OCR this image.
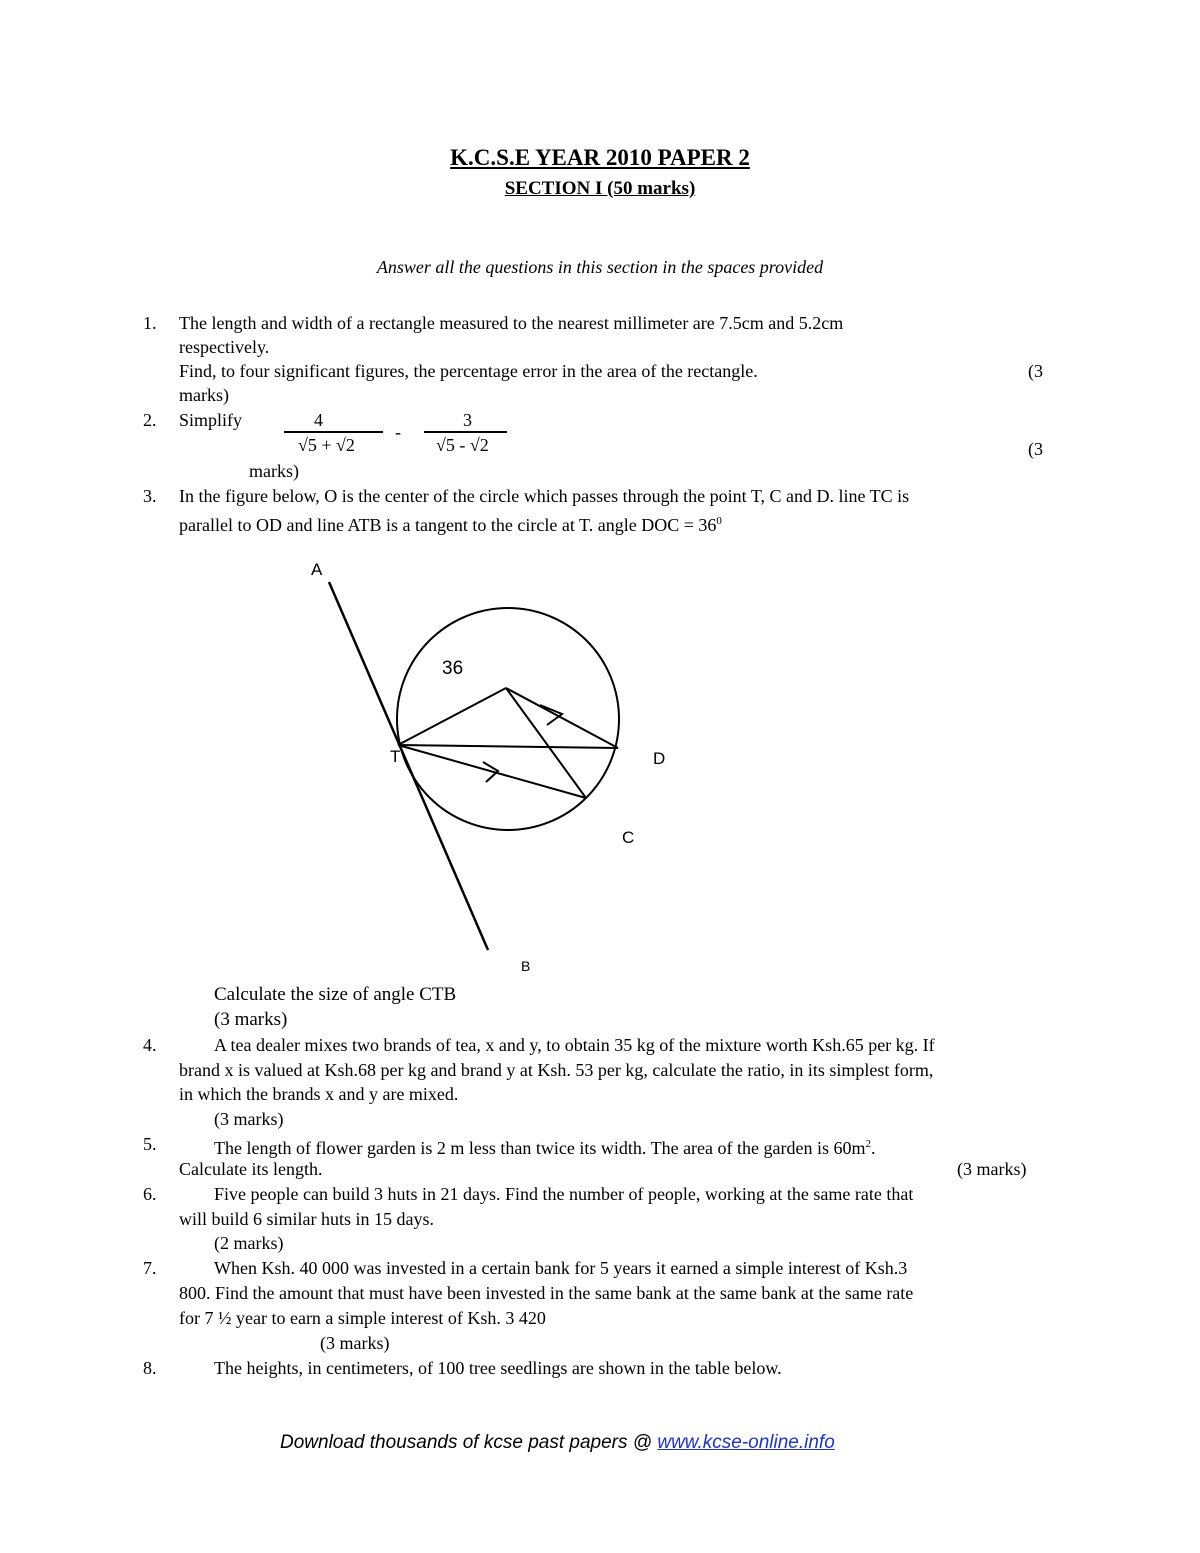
K.C.S.E YEAR 2010 PAPER 2
SECTION I (50 marks)
Answer all the questions in this section in the spaces provided
1. The length and width of a rectangle measured to the nearest millimeter are 7.5cm and 5.2cm
respectively.
Find, to four significant figures, the percentage error in the area of the rectangle.	(3
marks)
2. Simplify	4
√5 + √2
-
3
√5 - √2	(3
marks)
3. In the figure below, O is the center of the circle which passes through the point T, C and D. line TC is
parallel to OD and line ATB is a tangent to the circle at T. angle DOC = $36^0$
A
T	D
C
B
36
Calculate the size of angle CTB
(3 marks)
4.	A tea dealer mixes two brands of tea, x and y, to obtain 35 kg of the mixture worth Ksh.65 per kg. If
brand x is valued at Ksh.68 per kg and brand y at Ksh. 53 per kg, calculate the ratio, in its simplest form,
in which the brands x and y are mixed.
(3 marks)
5.	The length of flower garden is 2 m less than twice its width. The area of the garden is $60m^2$.
Calculate its length.	(3 marks)
6.	Five people can build 3 huts in 21 days. Find the number of people, working at the same rate that
will build 6 similar huts in 15 days.
(2 marks)
7.	When Ksh. 40 000 was invested in a certain bank for 5 years it earned a simple interest of Ksh.3
800. Find the amount that must have been invested in the same bank at the same bank at the same rate
for 7 ½ year to earn a simple interest of Ksh. 3 420
(3 marks)
8.	The heights, in centimeters, of 100 tree seedlings are shown in the table below.
Download thousands of kcse past papers @ www.kcse-online.info
